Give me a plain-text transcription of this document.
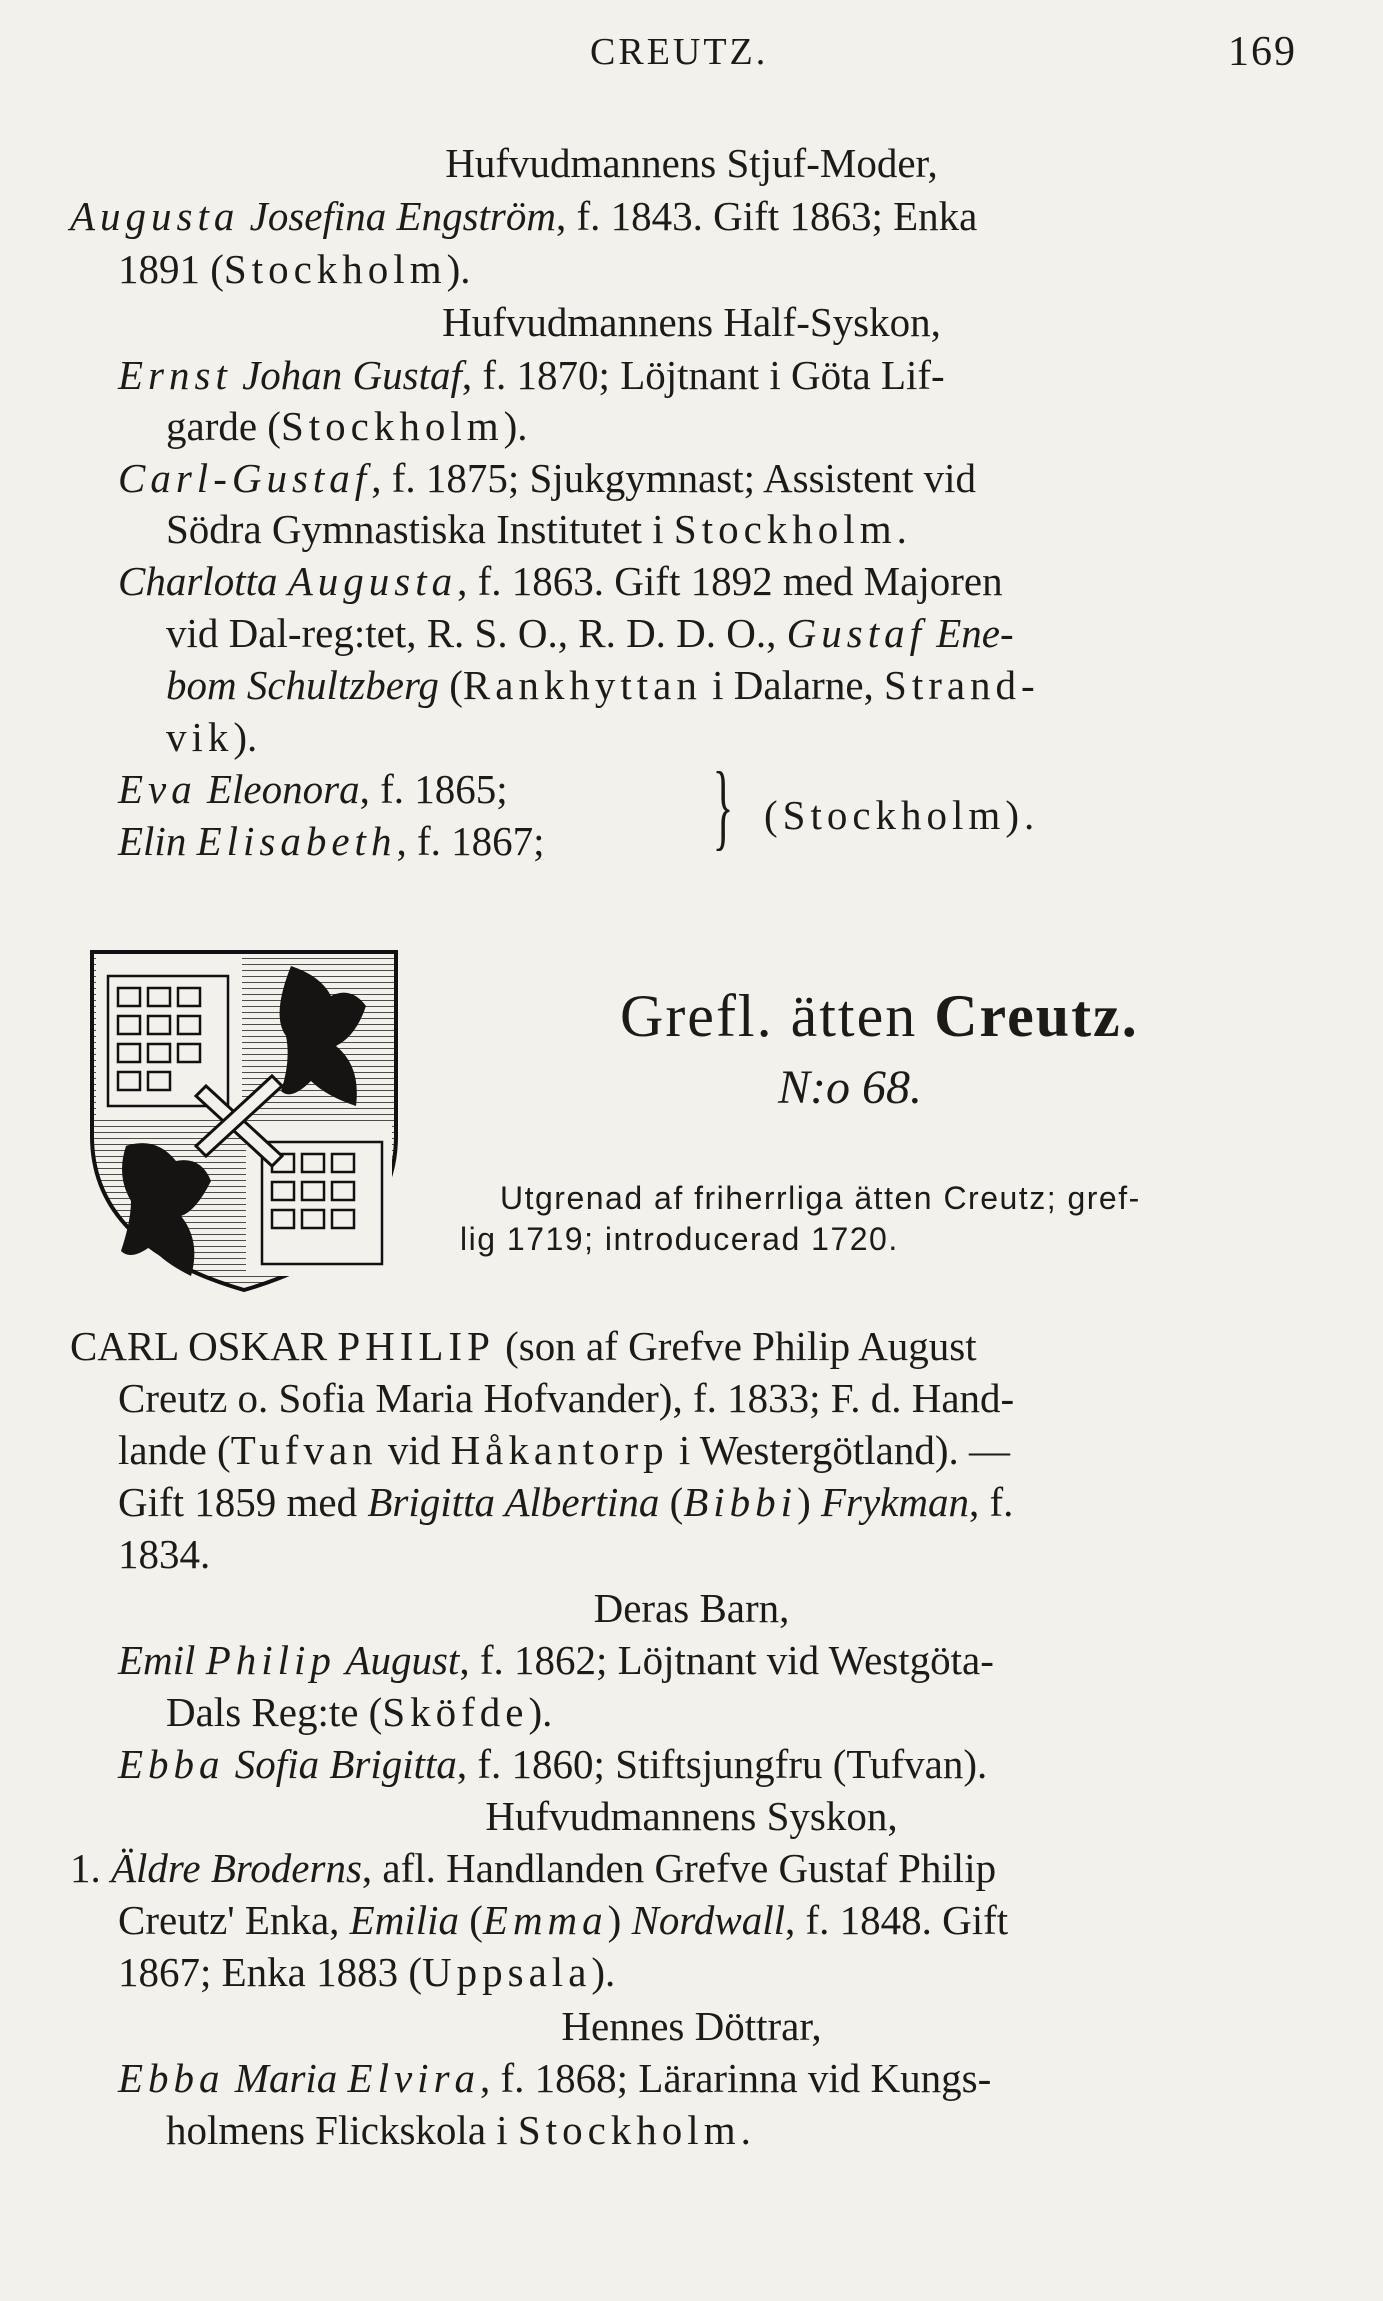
CREUTZ.	169
Hufvudmannens Stjuf-Moder,
Augusta Josefina Engström, f. 1843. Gift 1863; Enka
1891 (Stockholm).
Hufvudmannens Half-Syskon,
Ernst Johan Gustaf, f. 1870; Löjtnant i Göta Lif-
garde (Stockholm).
Carl-Gustaf, f. 1875; Sjukgymnast; Assistent vid
Södra Gymnastiska Institutet i Stockholm.
Charlotta Augusta, f. 1863. Gift 1892 med Majoren
vid Dal-reg:tet, R. S. O., R. D. D. O., Gustaf Ene-
bom Schultzberg (Rankhyttan i Dalarne, Strand-
vik).
Eva Eleonora, f. 1865;
Elin Elisabeth, f. 1867; } (Stockholm).
Grefl. ätten Creutz.
N:o 68.
Utgrenad af friherrliga ätten Creutz; gref-
lig 1719; introducerad 1720.
CARL OSKAR PHILIP (son af Grefve Philip August
Creutz o. Sofia Maria Hofvander), f. 1833; F. d. Hand-
lande (Tufvan vid Håkantorp i Westergötland). —
Gift 1859 med Brigitta Albertina (Bibbi) Frykman, f.
1834.
Deras Barn,
Emil Philip August, f. 1862; Löjtnant vid Westgöta-
Dals Reg:te (Sköfde).
Ebba Sofia Brigitta, f. 1860; Stiftsjungfru (Tufvan).
Hufvudmannens Syskon,
1. Äldre Broderns, afl. Handlanden Grefve Gustaf Philip
Creutz' Enka, Emilia (Emma) Nordwall, f. 1848. Gift
1867; Enka 1883 (Uppsala).
Hennes Döttrar,
Ebba Maria Elvira, f. 1868; Lärarinna vid Kungs-
holmens Flickskola i Stockholm.
